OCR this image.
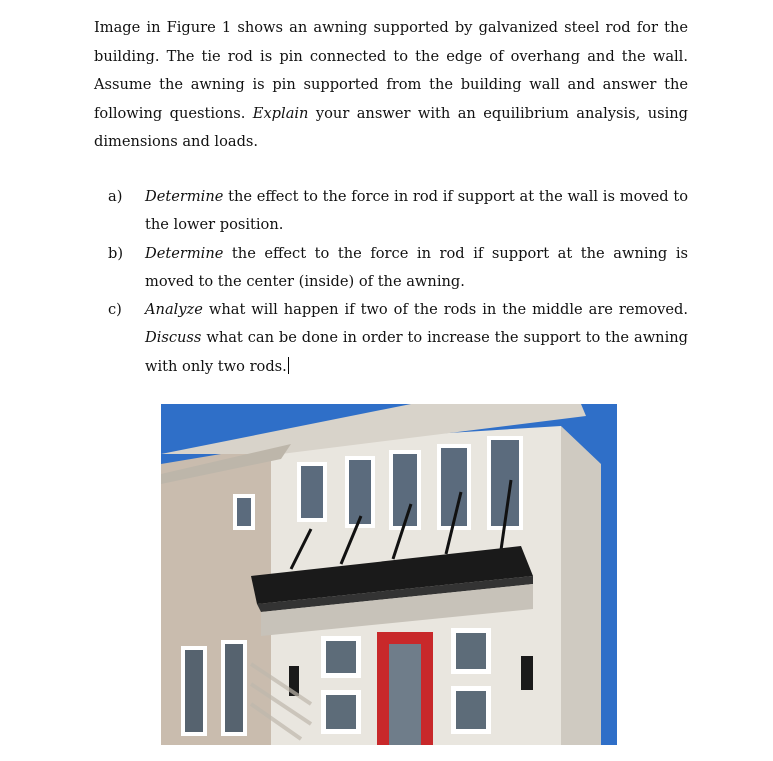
Image in Figure 1 shows an awning supported by galvanized steel rod for the building. The tie rod is pin connected to the edge of overhang and the wall. Assume the awning is pin supported from the building wall and answer the following questions. Explain your answer with an equilibrium analysis, using dimensions and loads.

a) Determine the effect to the force in rod if support at the wall is moved to the lower position.
b) Determine the effect to the force in rod if support at the awning is moved to the center (inside) of the awning.
c) Analyze what will happen if two of the rods in the middle are removed. Discuss what can be done in order to increase the support to the awning with only two rods.
